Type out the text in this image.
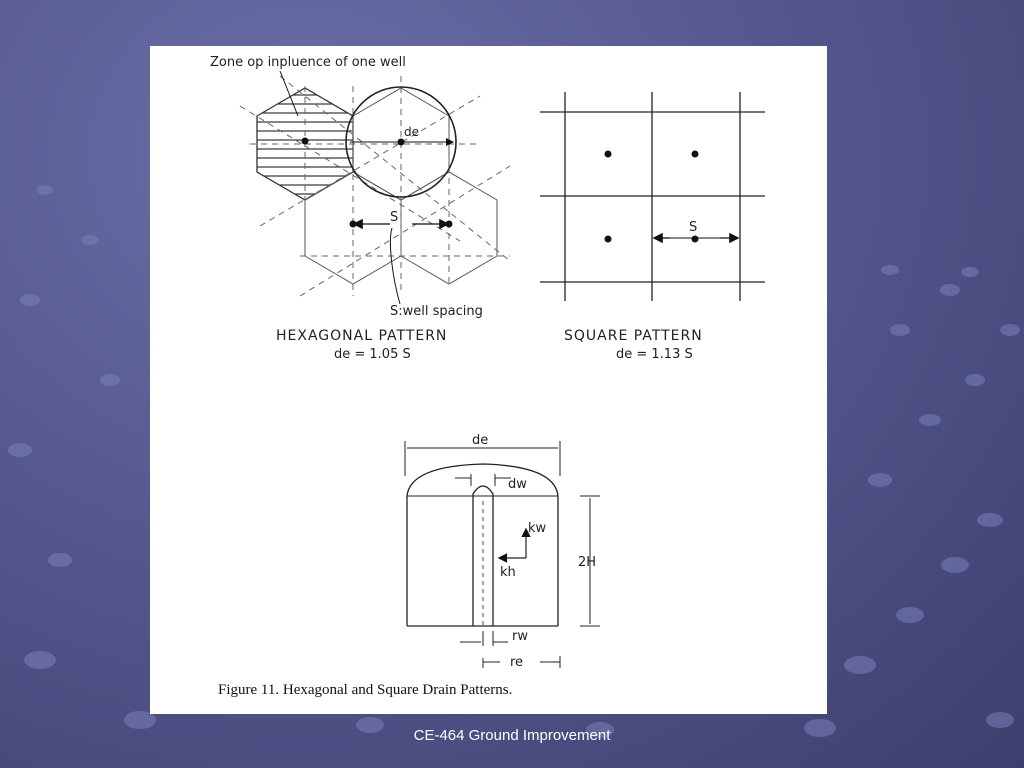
Zone op inpluence of one well
de
S
S:well spacing
HEXAGONAL PATTERN
de = 1.05 S
S
SQUARE PATTERN
de = 1.13 S
de
dw
kw
kh
2H
rw
re
Figure 11. Hexagonal and Square Drain Patterns.
CE-464 Ground Improvement
